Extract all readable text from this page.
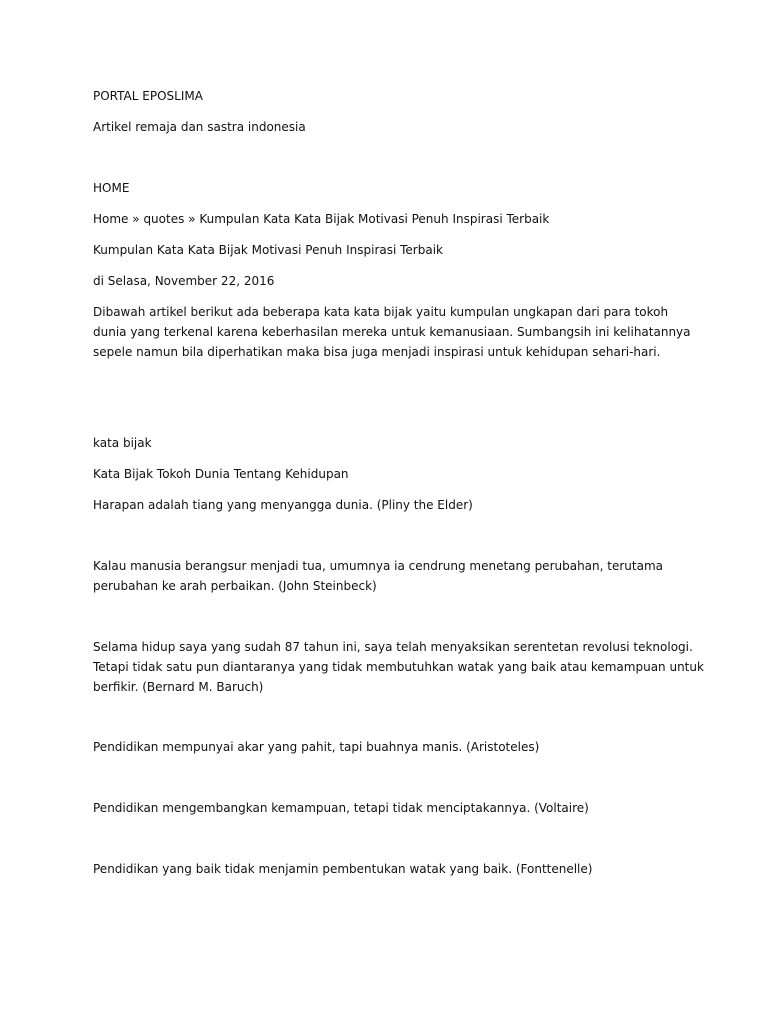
PORTAL EPOSLIMA
Artikel remaja dan sastra indonesia
HOME
Home » quotes » Kumpulan Kata Kata Bijak Motivasi Penuh Inspirasi Terbaik
Kumpulan Kata Kata Bijak Motivasi Penuh Inspirasi Terbaik
di Selasa, November 22, 2016
Dibawah artikel berikut ada beberapa kata kata bijak yaitu kumpulan ungkapan dari para tokoh
dunia yang terkenal karena keberhasilan mereka untuk kemanusiaan. Sumbangsih ini kelihatannya
sepele namun bila diperhatikan maka bisa juga menjadi inspirasi untuk kehidupan sehari-hari.
kata bijak
Kata Bijak Tokoh Dunia Tentang Kehidupan
Harapan adalah tiang yang menyangga dunia. (Pliny the Elder)
Kalau manusia berangsur menjadi tua, umumnya ia cendrung menetang perubahan, terutama
perubahan ke arah perbaikan. (John Steinbeck)
Selama hidup saya yang sudah 87 tahun ini, saya telah menyaksikan serentetan revolusi teknologi.
Tetapi tidak satu pun diantaranya yang tidak membutuhkan watak yang baik atau kemampuan untuk
berfikir. (Bernard M. Baruch)
Pendidikan mempunyai akar yang pahit, tapi buahnya manis. (Aristoteles)
Pendidikan mengembangkan kemampuan, tetapi tidak menciptakannya. (Voltaire)
Pendidikan yang baik tidak menjamin pembentukan watak yang baik. (Fonttenelle)
